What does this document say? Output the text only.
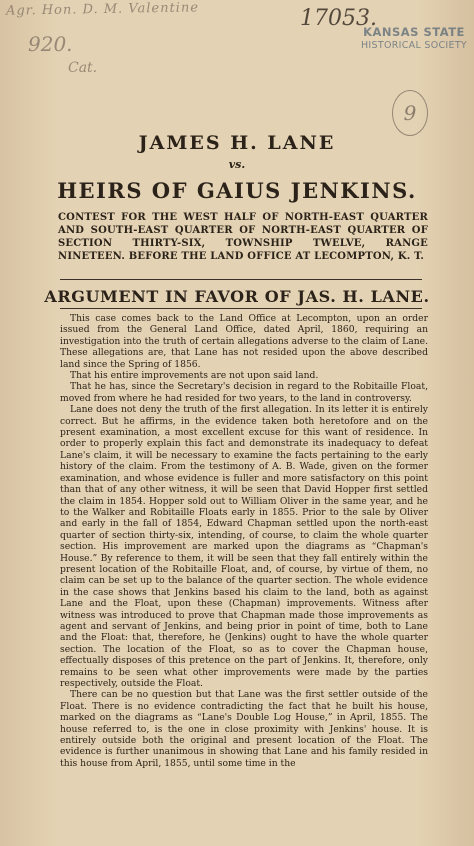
Agr. Hon. D. M. Valentine
920.
Cat.
17053.
KANSAS STATE
HISTORICAL SOCIETY
9
JAMES H. LANE
vs.
HEIRS OF GAIUS JENKINS.
CONTEST FOR THE WEST HALF OF NORTH-EAST QUARTER AND SOUTH-EAST QUARTER OF NORTH-EAST QUARTER OF SECTION THIRTY-SIX, TOWNSHIP TWELVE, RANGE NINETEEN. BEFORE THE LAND OFFICE AT LECOMPTON, K. T.
ARGUMENT IN FAVOR OF JAS. H. LANE.

This case comes back to the Land Office at Lecompton, upon an order issued from the General Land Office, dated April, 1860, requiring an investigation into the truth of certain allegations adverse to the claim of Lane. These allegations are, that Lane has not resided upon the above described land since the Spring of 1856.

That his entire improvements are not upon said land.

That he has, since the Secretary's decision in regard to the Robitaille Float, moved from where he had resided for two years, to the land in controversy.

Lane does not deny the truth of the first allegation. In its letter it is entirely correct. But he affirms, in the evidence taken both heretofore and on the present examination, a most excellent excuse for this want of residence. In order to properly explain this fact and demonstrate its inadequacy to defeat Lane's claim, it will be necessary to examine the facts pertaining to the early history of the claim. From the testimony of A. B. Wade, given on the former examination, and whose evidence is fuller and more satisfactory on this point than that of any other witness, it will be seen that David Hopper first settled the claim in 1854. Hopper sold out to William Oliver in the same year, and he to the Walker and Robitaille Floats early in 1855. Prior to the sale by Oliver and early in the fall of 1854, Edward Chapman settled upon the north-east quarter of section thirty-six, intending, of course, to claim the whole quarter section. His improvement are marked upon the diagrams as “Chapman's House.” By reference to them, it will be seen that they fall entirely within the present location of the Robitaille Float, and, of course, by virtue of them, no claim can be set up to the balance of the quarter section. The whole evidence in the case shows that Jenkins based his claim to the land, both as against Lane and the Float, upon these (Chapman) improvements. Witness after witness was introduced to prove that Chapman made those improvements as agent and servant of Jenkins, and being prior in point of time, both to Lane and the Float: that, therefore, he (Jenkins) ought to have the whole quarter section. The location of the Float, so as to cover the Chapman house, effectually disposes of this pretence on the part of Jenkins. It, therefore, only remains to be seen what other improvements were made by the parties respectively, outside the Float.

There can be no question but that Lane was the first settler outside of the Float. There is no evidence contradicting the fact that he built his house, marked on the diagrams as “Lane's Double Log House,” in April, 1855. The house referred to, is the one in close proximity with Jenkins' house. It is entirely outside both the original and present location of the Float. The evidence is further unanimous in showing that Lane and his family resided in this house from April, 1855, until some time in the
